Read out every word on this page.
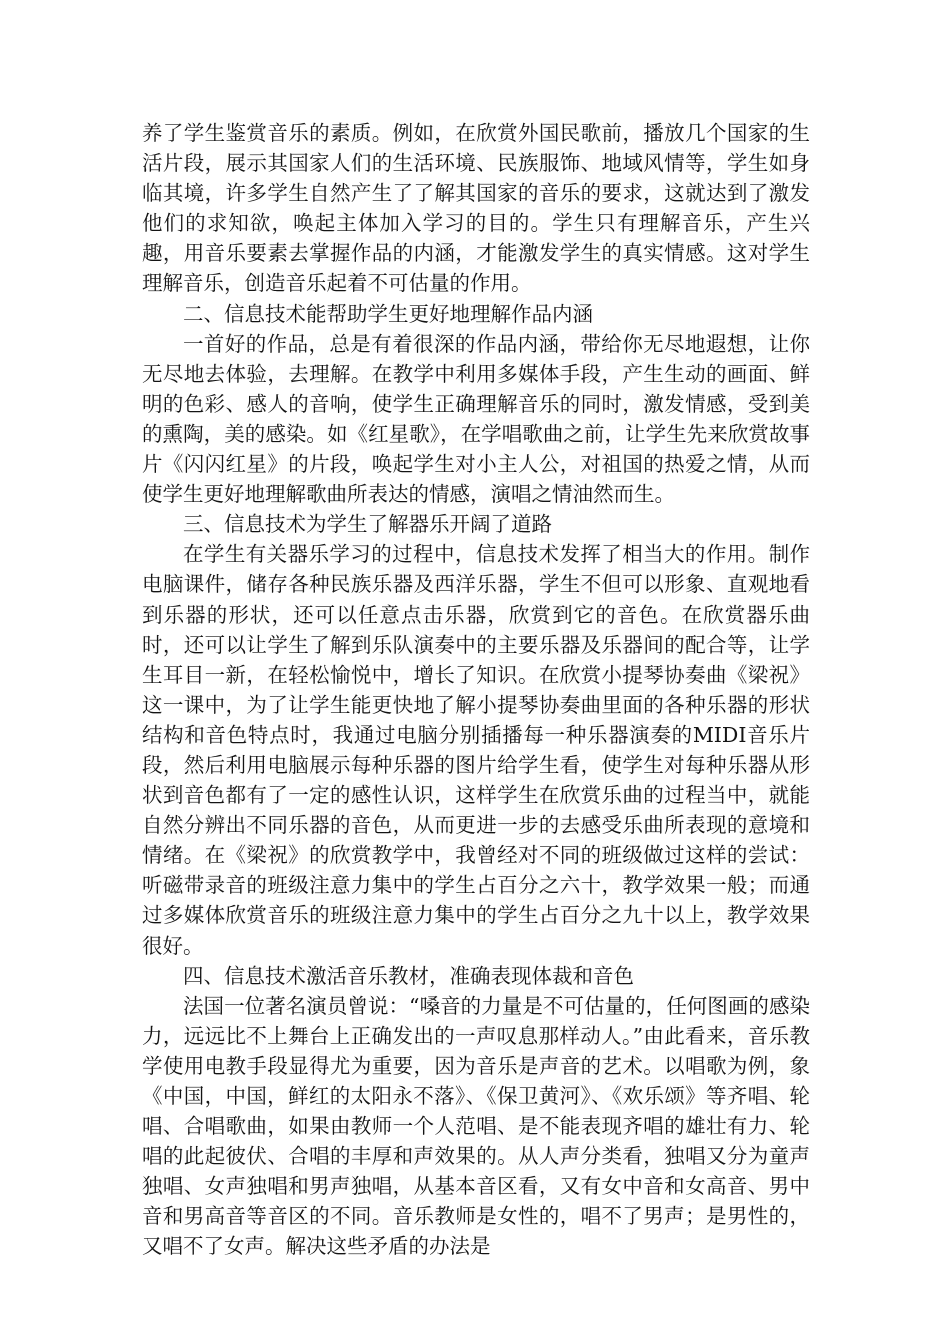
养了学生鉴赏音乐的素质。例如，在欣赏外国民歌前，播放几个国家的生活片段，展示其国家人们的生活环境、民族服饰、地域风情等，学生如身临其境，许多学生自然产生了了解其国家的音乐的要求，这就达到了激发他们的求知欲，唤起主体加入学习的目的。学生只有理解音乐，产生兴趣，用音乐要素去掌握作品的内涵，才能激发学生的真实情感。这对学生理解音乐，创造音乐起着不可估量的作用。

二、信息技术能帮助学生更好地理解作品内涵

一首好的作品，总是有着很深的作品内涵，带给你无尽地遐想，让你无尽地去体验，去理解。在教学中利用多媒体手段，产生生动的画面、鲜明的色彩、感人的音响，使学生正确理解音乐的同时，激发情感，受到美的熏陶，美的感染。如《红星歌》，在学唱歌曲之前，让学生先来欣赏故事片《闪闪红星》的片段，唤起学生对小主人公，对祖国的热爱之情，从而使学生更好地理解歌曲所表达的情感，演唱之情油然而生。

三、信息技术为学生了解器乐开阔了道路

在学生有关器乐学习的过程中，信息技术发挥了相当大的作用。制作电脑课件，储存各种民族乐器及西洋乐器，学生不但可以形象、直观地看到乐器的形状，还可以任意点击乐器，欣赏到它的音色。在欣赏器乐曲时，还可以让学生了解到乐队演奏中的主要乐器及乐器间的配合等，让学生耳目一新，在轻松愉悦中，增长了知识。在欣赏小提琴协奏曲《梁祝》这一课中，为了让学生能更快地了解小提琴协奏曲里面的各种乐器的形状结构和音色特点时，我通过电脑分别插播每一种乐器演奏的MIDI音乐片段，然后利用电脑展示每种乐器的图片给学生看，使学生对每种乐器从形状到音色都有了一定的感性认识，这样学生在欣赏乐曲的过程当中，就能自然分辨出不同乐器的音色，从而更进一步的去感受乐曲所表现的意境和情绪。在《梁祝》的欣赏教学中，我曾经对不同的班级做过这样的尝试：听磁带录音的班级注意力集中的学生占百分之六十，教学效果一般；而通过多媒体欣赏音乐的班级注意力集中的学生占百分之九十以上，教学效果很好。

四、信息技术激活音乐教材，准确表现体裁和音色

法国一位著名演员曾说：“嗓音的力量是不可估量的，任何图画的感染力，远远比不上舞台上正确发出的一声叹息那样动人。”由此看来，音乐教学使用电教手段显得尤为重要，因为音乐是声音的艺术。以唱歌为例，象《中国，中国，鲜红的太阳永不落》、《保卫黄河》、《欢乐颂》等齐唱、轮唱、合唱歌曲，如果由教师一个人范唱、是不能表现齐唱的雄壮有力、轮唱的此起彼伏、合唱的丰厚和声效果的。从人声分类看，独唱又分为童声独唱、女声独唱和男声独唱，从基本音区看，又有女中音和女高音、男中音和男高音等音区的不同。音乐教师是女性的，唱不了男声；是男性的，又唱不了女声。解决这些矛盾的办法是
